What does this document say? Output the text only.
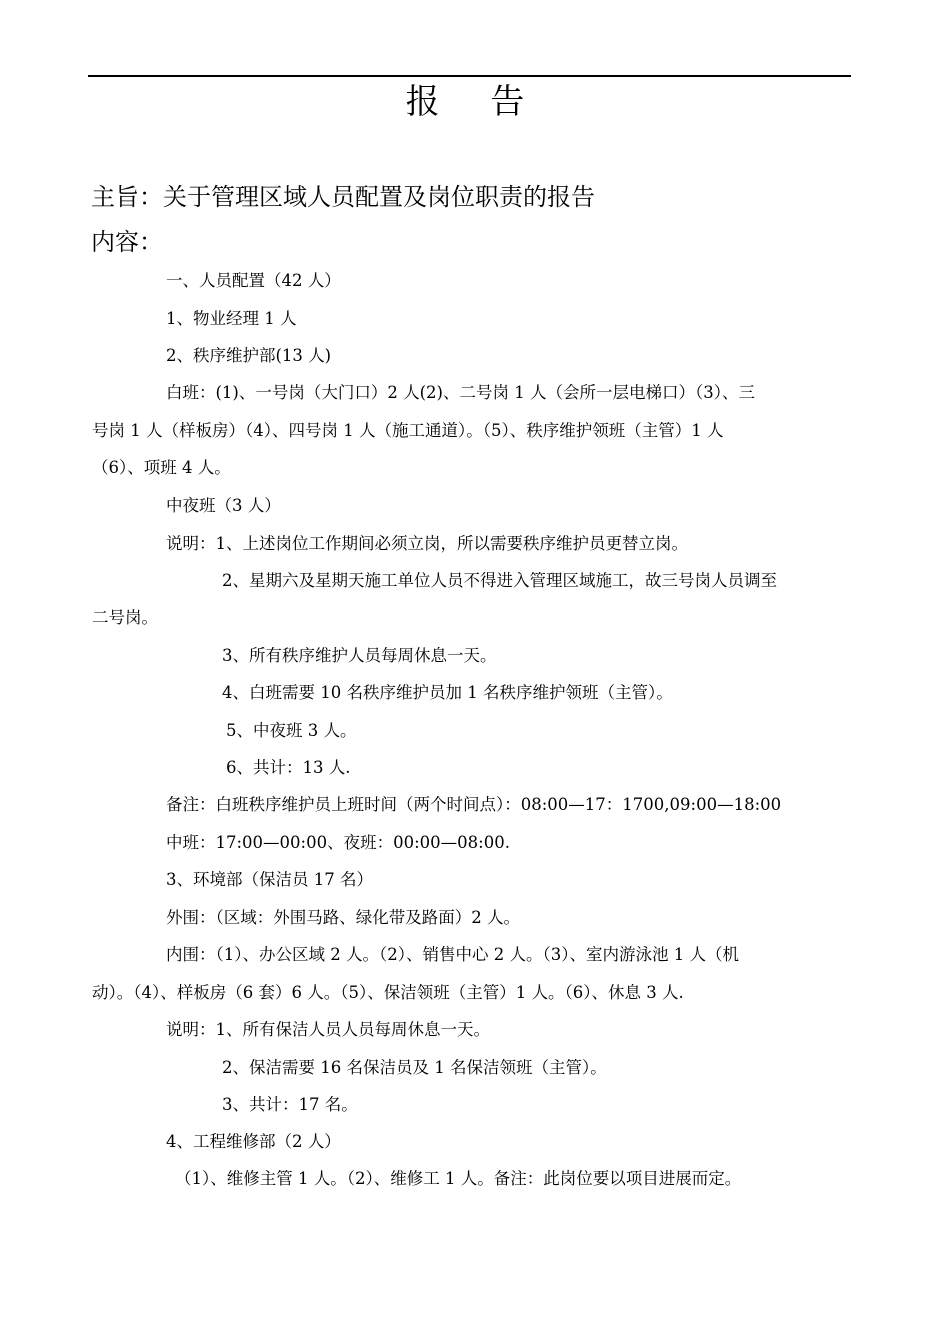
报 告
主旨：关于管理区域人员配置及岗位职责的报告
内容：
一、人员配置（42 人）
1、物业经理 1 人
2、秩序维护部(13 人)
白班：(1)、一号岗（大门口）2 人(2)、二号岗 1 人（会所一层电梯口）（3）、三
号岗 1 人（样板房）（4）、四号岗 1 人（施工通道）。（5）、秩序维护领班（主管）1 人
（6）、项班 4 人。
中夜班（3 人）
说明：1、上述岗位工作期间必须立岗，所以需要秩序维护员更替立岗。
2、星期六及星期天施工单位人员不得进入管理区域施工，故三号岗人员调至
二号岗。
3、所有秩序维护人员每周休息一天。
4、白班需要 10 名秩序维护员加 1 名秩序维护领班（主管）。
5、中夜班 3 人。
6、共计：13 人.
备注：白班秩序维护员上班时间（两个时间点）：08:00—17：1700,09:00—18:00
中班：17:00—00:00、夜班：00:00—08:00.
3、环境部（保洁员 17 名）
外围：（区域：外围马路、绿化带及路面）2 人。
内围：（1）、办公区域 2 人。（2）、销售中心 2 人。（3）、室内游泳池 1 人（机
动）。（4）、样板房（6 套）6 人。（5）、保洁领班（主管）1 人。（6）、休息 3 人.
说明：1、所有保洁人员人员每周休息一天。
2、保洁需要 16 名保洁员及 1 名保洁领班（主管）。
3、共计：17 名。
4、工程维修部（2 人）
（1）、维修主管 1 人。（2）、维修工 1 人。备注：此岗位要以项目进展而定。
